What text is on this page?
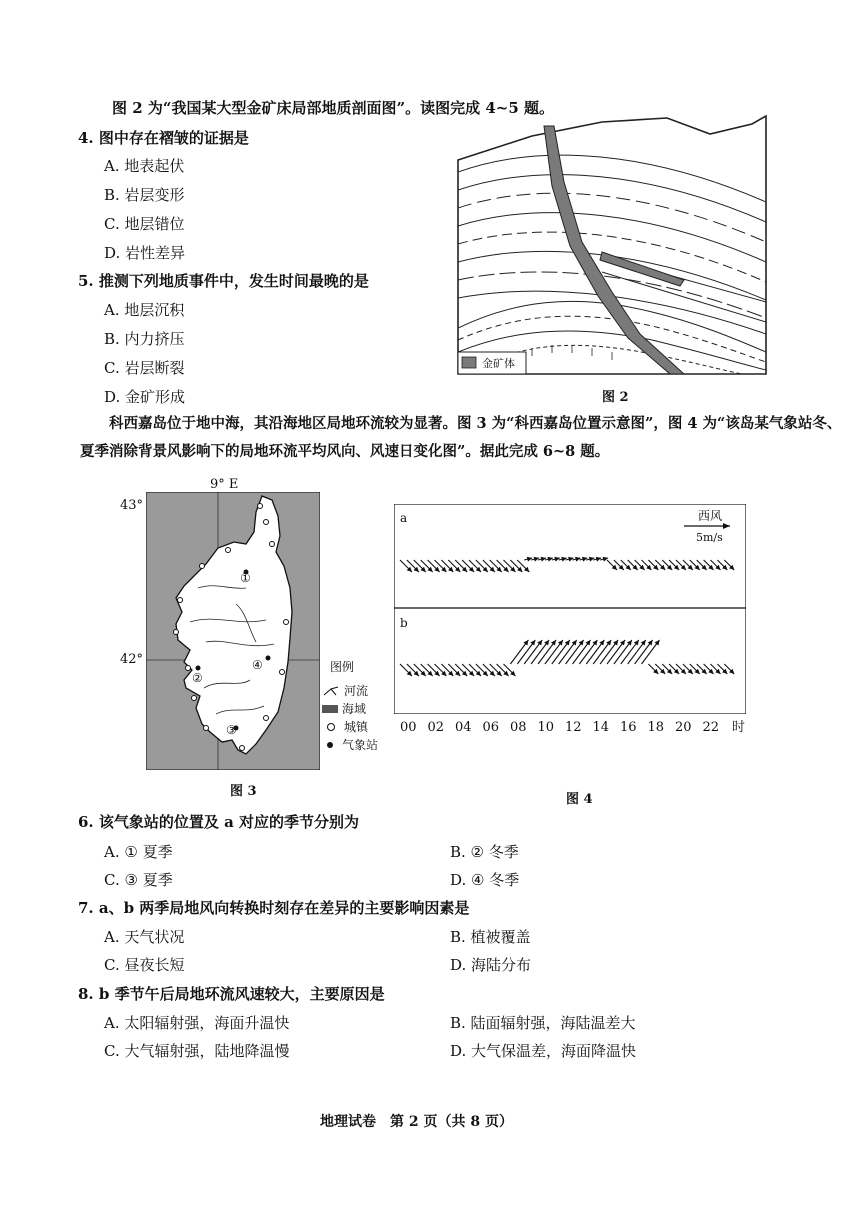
图 2 为“我国某大型金矿床局部地质剖面图”。读图完成 4~5 题。
4. 图中存在褶皱的证据是
A. 地表起伏
B. 岩层变形
C. 地层错位
D. 岩性差异
5. 推测下列地质事件中，发生时间最晚的是
A. 地层沉积
B. 内力挤压
C. 岩层断裂
D. 金矿形成
金矿体
图 2
科西嘉岛位于地中海，其沿海地区局地环流较为显著。图 3 为“科西嘉岛位置示意图”，图 4 为“该岛某气象站冬、夏季消除背景风影响下的局地环流平均风向、风速日变化图”。据此完成 6~8 题。
9° E
43°
42°
①
②
③
④	图例
河流
海域
城镇
气象站
图 3
a
b
西风
5m/s
00 02 04 06 08 10 12 14 16 18 20 22 时
图 4
6. 该气象站的位置及 a 对应的季节分别为
A. ① 夏季	B. ② 冬季
C. ③ 夏季	D. ④ 冬季
7. a、b 两季局地风向转换时刻存在差异的主要影响因素是
A. 天气状况	B. 植被覆盖
C. 昼夜长短	D. 海陆分布
8. b 季节午后局地环流风速较大，主要原因是
A. 太阳辐射强，海面升温快	B. 陆面辐射强，海陆温差大
C. 大气辐射强，陆地降温慢	D. 大气保温差，海面降温快
地理试卷　第 2 页（共 8 页）
